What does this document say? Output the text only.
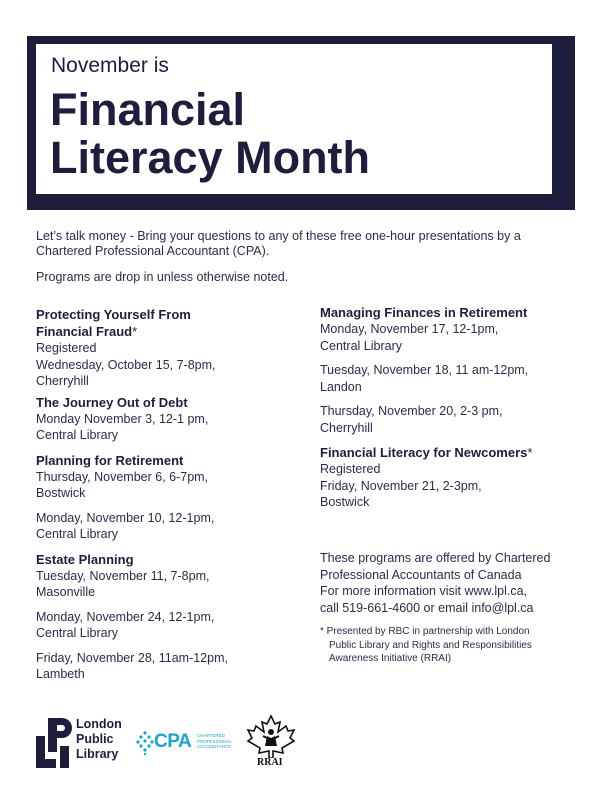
November is
Financial
Literacy Month

Let’s talk money - Bring your questions to any of these free one-hour presentations by a Chartered Professional Accountant (CPA).

Programs are drop in unless otherwise noted.

Protecting Yourself From
Financial Fraud*

Registered

Wednesday, October 15, 7-8pm,
Cherryhill

The Journey Out of Debt

Monday November 3, 12-1 pm,
Central Library

Planning for Retirement

Thursday, November 6, 6-7pm,
Bostwick

Monday, November 10, 12-1pm,
Central Library

Estate Planning

Tuesday, November 11, 7-8pm,
Masonville

Monday, November 24, 12-1pm,
Central Library

Friday, November 28, 11am-12pm,
Lambeth

Managing Finances in Retirement

Monday, November 17, 12-1pm,
Central Library

Tuesday, November 18, 11 am-12pm,
Landon

Thursday, November 20, 2-3 pm,
Cherryhill

Financial Literacy for Newcomers*

Registered

Friday, November 21, 2-3pm,
Bostwick

These programs are offered by Chartered
Professional Accountants of Canada
For more information visit www.lpl.ca,
call 519-661-4600 or email info@lpl.ca
* Presented by RBC in partnership with London
Public Library and Rights and Responsibilities
Awareness Initiative (RRAI)
London
Public
Library
CPA CHARTERED
PROFESSIONAL
ACCOUNTANTS
RRAI
